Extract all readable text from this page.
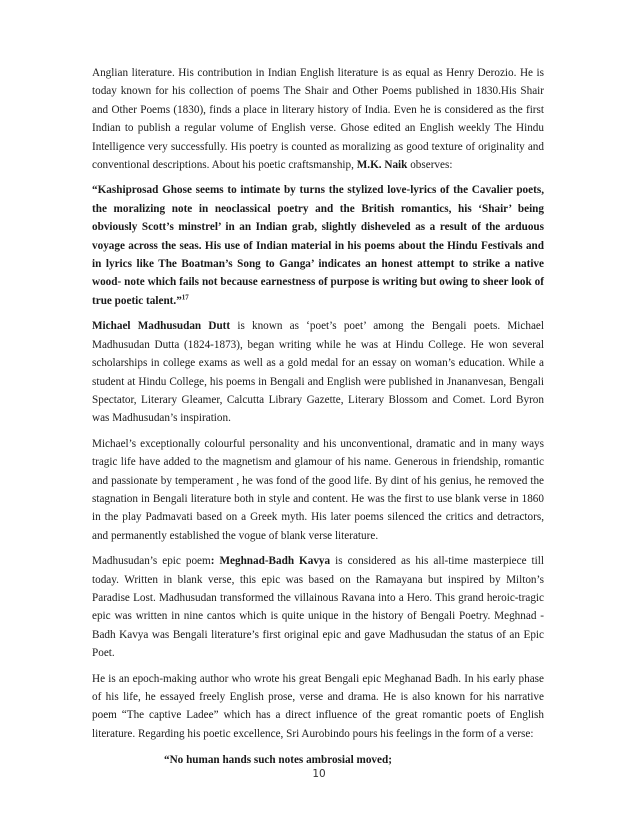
Anglian literature. His contribution in Indian English literature is as equal as Henry Derozio. He is today known for his collection of poems The Shair and Other Poems published in 1830.His Shair and Other Poems (1830), finds a place in literary history of India. Even he is considered as the first Indian to publish a regular volume of English verse. Ghose edited an English weekly The Hindu Intelligence very successfully. His poetry is counted as moralizing as good texture of originality and conventional descriptions. About his poetic craftsmanship, M.K. Naik observes:

“Kashiprosad Ghose seems to intimate by turns the stylized love-lyrics of the Cavalier poets, the moralizing note in neoclassical poetry and the British romantics, his ‘Shair’ being obviously Scott’s minstrel’ in an Indian grab, slightly disheveled as a result of the arduous voyage across the seas. His use of Indian material in his poems about the Hindu Festivals and in lyrics like The Boatman’s Song to Ganga’ indicates an honest attempt to strike a native wood- note which fails not because earnestness of purpose is writing but owing to sheer look of true poetic talent.”$^{17}$

Michael Madhusudan Dutt is known as ‘poet’s poet’ among the Bengali poets. Michael Madhusudan Dutta (1824-1873), began writing while he was at Hindu College. He won several scholarships in college exams as well as a gold medal for an essay on woman’s education. While a student at Hindu College, his poems in Bengali and English were published in Jnananvesan, Bengali Spectator, Literary Gleamer, Calcutta Library Gazette, Literary Blossom and Comet. Lord Byron was Madhusudan’s inspiration.

Michael’s exceptionally colourful personality and his unconventional, dramatic and in many ways tragic life have added to the magnetism and glamour of his name. Generous in friendship, romantic and passionate by temperament , he was fond of the good life. By dint of his genius, he removed the stagnation in Bengali literature both in style and content. He was the first to use blank verse in 1860 in the play Padmavati based on a Greek myth. His later poems silenced the critics and detractors, and permanently established the vogue of blank verse literature.

Madhusudan’s epic poem: Meghnad-Badh Kavya is considered as his all-time masterpiece till today. Written in blank verse, this epic was based on the Ramayana but inspired by Milton’s Paradise Lost. Madhusudan transformed the villainous Ravana into a Hero. This grand heroic-tragic epic was written in nine cantos which is quite unique in the history of Bengali Poetry. Meghnad -Badh Kavya was Bengali literature’s first original epic and gave Madhusudan the status of an Epic Poet.

He is an epoch-making author who wrote his great Bengali epic Meghanad Badh. In his early phase of his life, he essayed freely English prose, verse and drama. He is also known for his narrative poem “The captive Ladee” which has a direct influence of the great romantic poets of English literature. Regarding his poetic excellence, Sri Aurobindo pours his feelings in the form of a verse:

“No human hands such notes ambrosial moved;
10
